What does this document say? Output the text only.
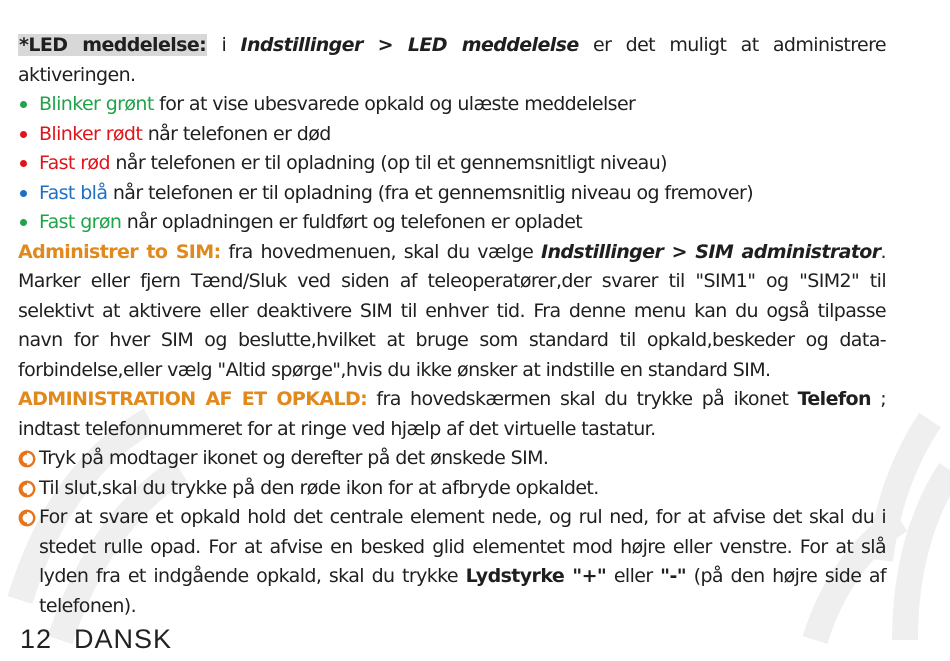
*LED meddelelse: i Indstillinger > LED meddelelse er det muligt at administrere aktiveringen.

Blinker grønt for at vise ubesvarede opkald og ulæste meddelelser
Blinker rødt når telefonen er død
Fast rød når telefonen er til opladning (op til et gennemsnitligt niveau)
Fast blå når telefonen er til opladning (fra et gennemsnitlig niveau og fremover)
Fast grøn når opladningen er fuldført og telefonen er opladet

Administrer to SIM: fra hovedmenuen, skal du vælge Indstillinger > SIM administrator. Marker eller fjern Tænd/Sluk ved siden af teleoperatører,der svarer til "SIM1" og "SIM2" til selektivt at aktivere eller deaktivere SIM til enhver tid. Fra denne menu kan du også tilpasse navn for hver SIM og beslutte,hvilket at bruge som standard til opkald,beskeder og data-forbindelse,eller vælg "Altid spørge",hvis du ikke ønsker at indstille en standard SIM.

ADMINISTRATION AF ET OPKALD: fra hovedskærmen skal du trykke på ikonet Telefon ; indtast telefonnummeret for at ringe ved hjælp af det virtuelle tastatur.

Tryk på modtager ikonet og derefter på det ønskede SIM.
Til slut,skal du trykke på den røde ikon for at afbryde opkaldet.
For at svare et opkald hold det centrale element nede, og rul ned, for at afvise det skal du i stedet rulle opad. For at afvise en besked glid elementet mod højre eller venstre. For at slå lyden fra et indgående opkald, skal du trykke Lydstyrke "+" eller "-" (på den højre side af telefonen).
12 DANSK
